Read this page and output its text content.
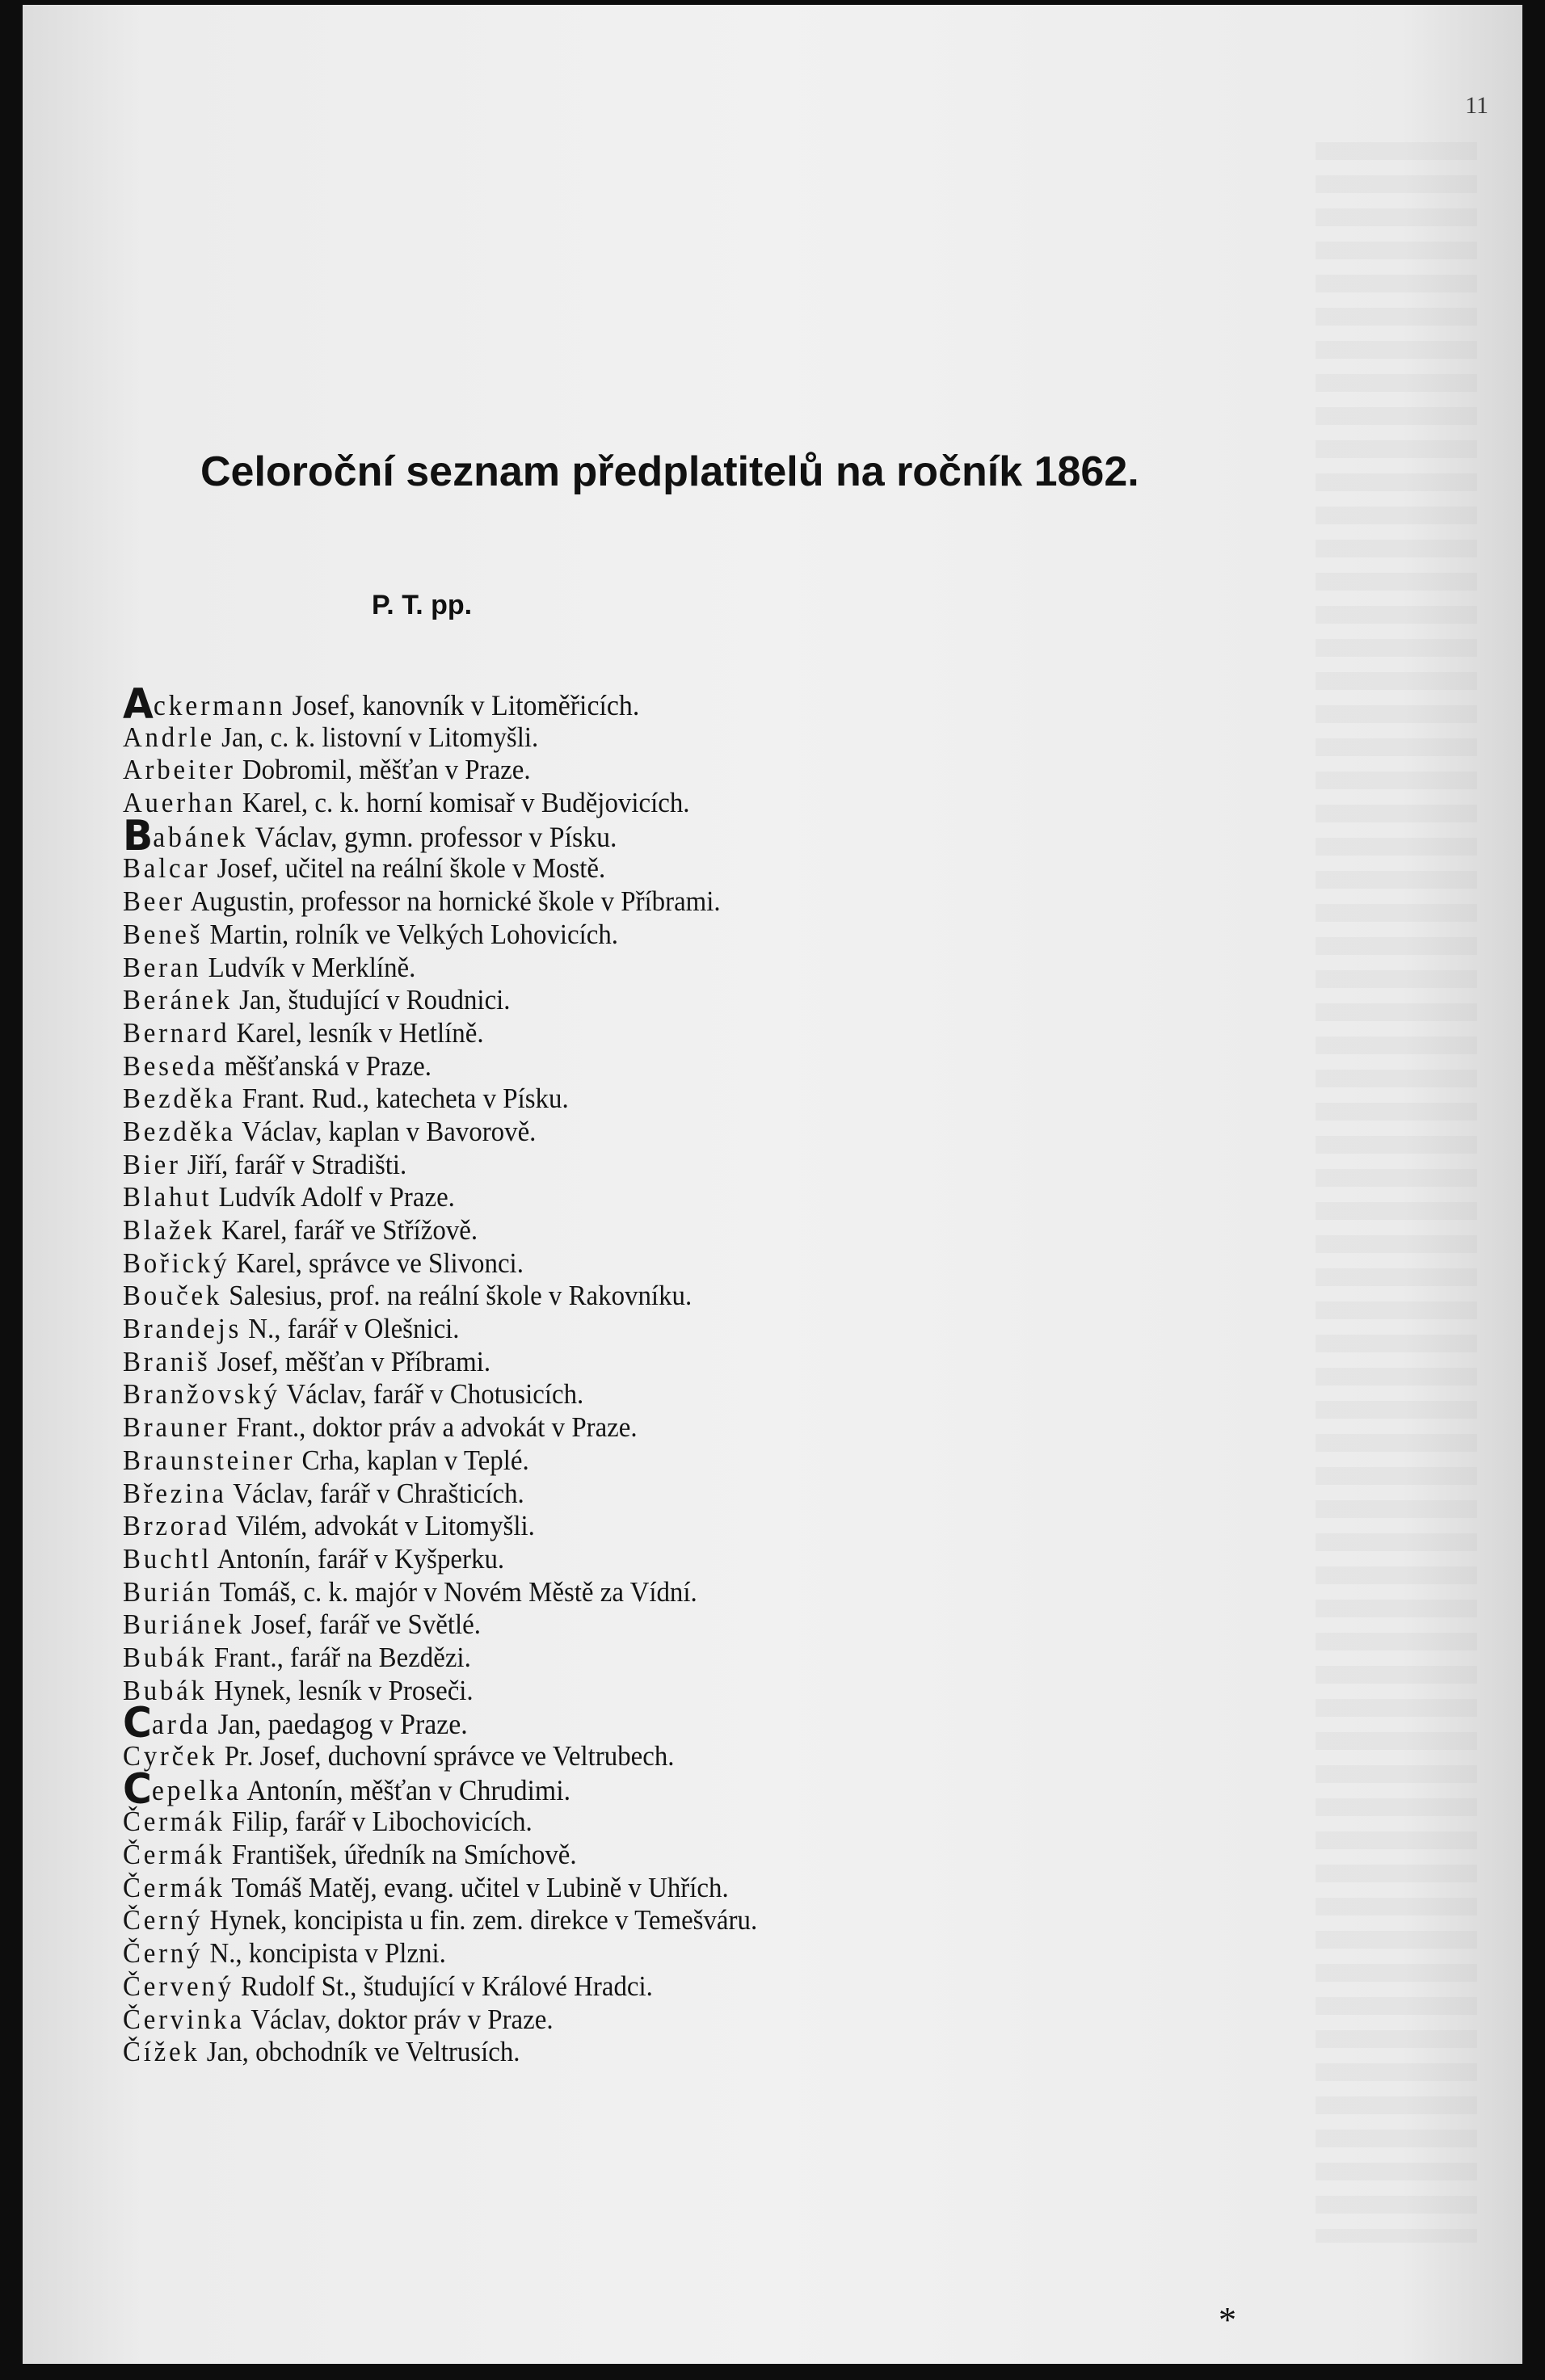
11
Celoroční seznam předplatitelů na ročník 1862.
P. T. pp.
Ackermann Josef, kanovník v Litoměřicích.
Andrle Jan, c. k. listovní v Litomyšli.
Arbeiter Dobromil, měšťan v Praze.
Auerhan Karel, c. k. horní komisař v Budějovicích.
Babánek Václav, gymn. professor v Písku.
Balcar Josef, učitel na reální škole v Mostě.
Beer Augustin, professor na hornické škole v Příbrami.
Beneš Martin, rolník ve Velkých Lohovicích.
Beran Ludvík v Merklíně.
Beránek Jan, študující v Roudnici.
Bernard Karel, lesník v Hetlíně.
Beseda měšťanská v Praze.
Bezděka Frant. Rud., katecheta v Písku.
Bezděka Václav, kaplan v Bavorově.
Bier Jiří, farář v Stradišti.
Blahut Ludvík Adolf v Praze.
Blažek Karel, farář ve Střížově.
Bořický Karel, správce ve Slivonci.
Bouček Salesius, prof. na reální škole v Rakovníku.
Brandejs N., farář v Olešnici.
Braniš Josef, měšťan v Příbrami.
Branžovský Václav, farář v Chotusicích.
Brauner Frant., doktor práv a advokát v Praze.
Braunsteiner Crha, kaplan v Teplé.
Březina Václav, farář v Chrašticích.
Brzorad Vilém, advokát v Litomyšli.
Buchtl Antonín, farář v Kyšperku.
Burián Tomáš, c. k. majór v Novém Městě za Vídní.
Buriánek Josef, farář ve Světlé.
Bubák Frant., farář na Bezdězi.
Bubák Hynek, lesník v Proseči.
Carda Jan, paedagog v Praze.
Cyrček Pr. Josef, duchovní správce ve Veltrubech.
Cepelka Antonín, měšťan v Chrudimi.
Čermák Filip, farář v Libochovicích.
Čermák František, úředník na Smíchově.
Čermák Tomáš Matěj, evang. učitel v Lubině v Uhřích.
Černý Hynek, koncipista u fin. zem. direkce v Temešváru.
Černý N., koncipista v Plzni.
Červený Rudolf St., študující v Králové Hradci.
Červinka Václav, doktor práv v Praze.
Čížek Jan, obchodník ve Veltrusích.
*
